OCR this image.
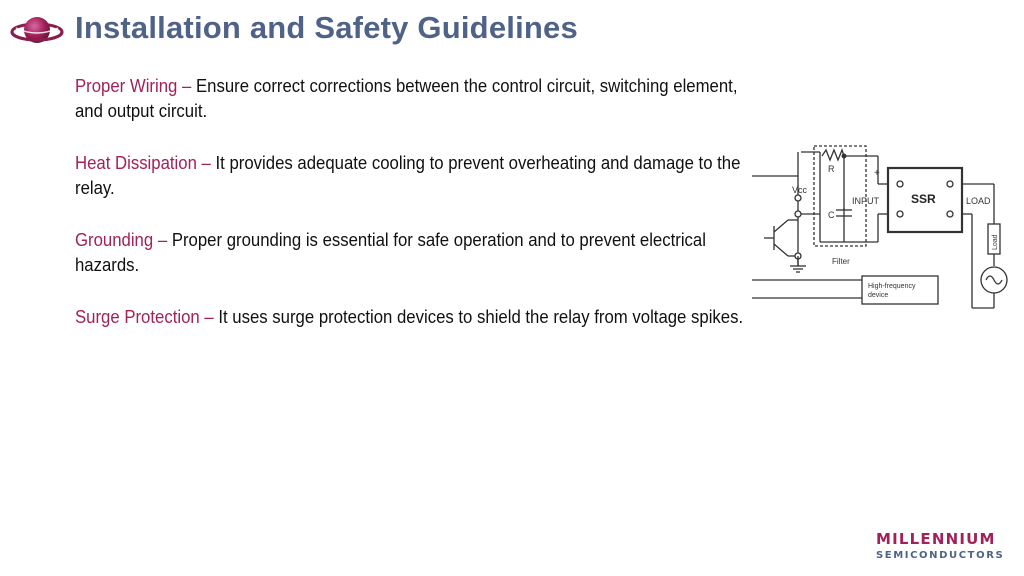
Installation and Safety Guidelines
Proper Wiring – Ensure correct corrections between the control circuit, switching element, and output circuit.
Heat Dissipation – It provides adequate cooling to prevent overheating and damage to the relay.
Grounding – Proper grounding is essential for safe operation and to prevent electrical hazards.
Surge Protection – It uses surge protection devices to shield the relay from voltage spikes.
Vcc
R
C
Filter
+
INPUT	SSR	LOAD
Load
High-frequency
device
MILLENNIUM
SEMICONDUCTORS
